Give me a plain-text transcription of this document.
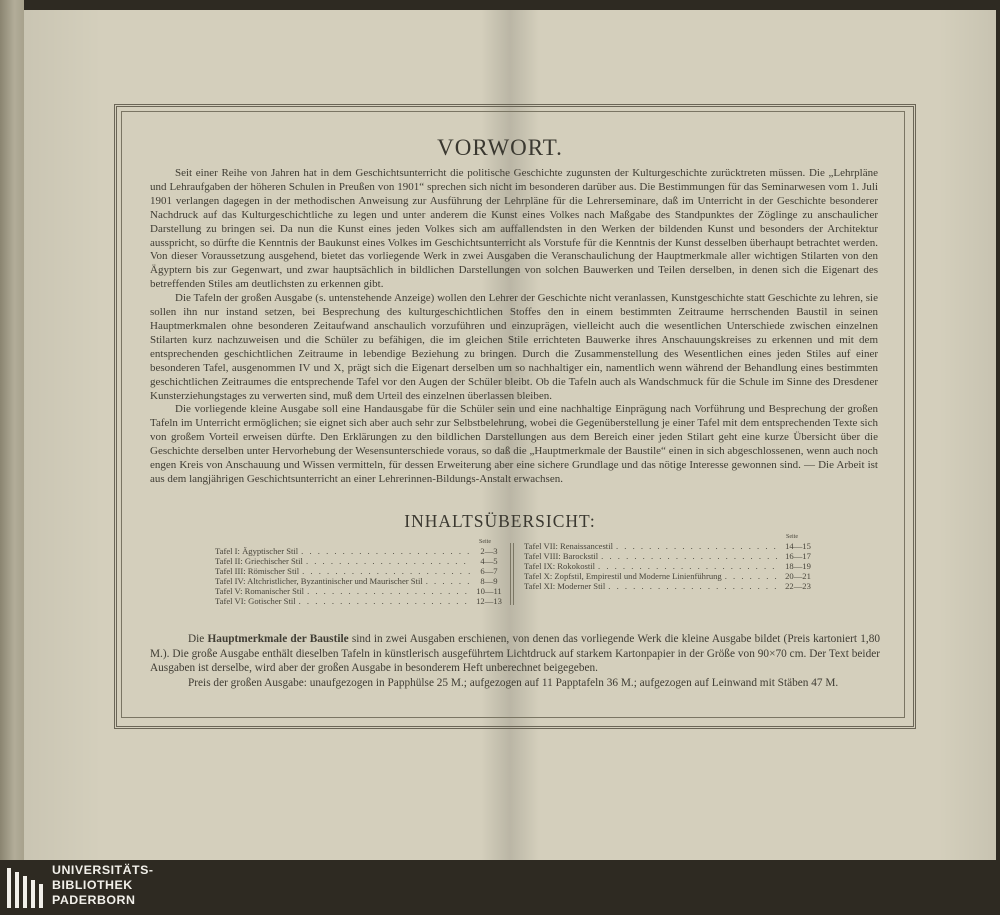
VORWORT.

Seit einer Reihe von Jahren hat in dem Geschichtsunterricht die politische Geschichte zugunsten der Kulturgeschichte zurücktreten müssen. Die „Lehrpläne und Lehraufgaben der höheren Schulen in Preußen von 1901“ sprechen sich nicht im besonderen darüber aus. Die Bestimmungen für das Seminarwesen vom 1. Juli 1901 verlangen dagegen in der methodischen Anweisung zur Ausführung der Lehrpläne für die Lehrerseminare, daß im Unterricht in der Geschichte besonderer Nachdruck auf das Kulturgeschichtliche zu legen und unter anderem die Kunst eines Volkes nach Maßgabe des Standpunktes der Zöglinge zu anschaulicher Darstellung zu bringen sei. Da nun die Kunst eines jeden Volkes sich am auffallendsten in den Werken der bildenden Kunst und besonders der Architektur ausspricht, so dürfte die Kenntnis der Baukunst eines Volkes im Geschichtsunterricht als Vorstufe für die Kenntnis der Kunst desselben überhaupt betrachtet werden. Von dieser Voraussetzung ausgehend, bietet das vorliegende Werk in zwei Ausgaben die Veranschaulichung der Hauptmerkmale aller wichtigen Stilarten von den Ägyptern bis zur Gegenwart, und zwar hauptsächlich in bildlichen Darstellungen von solchen Bauwerken und Teilen derselben, in denen sich die Eigenart des betreffenden Stiles am deutlichsten zu erkennen gibt.

Die Tafeln der großen Ausgabe (s. untenstehende Anzeige) wollen den Lehrer der Geschichte nicht veranlassen, Kunstgeschichte statt Geschichte zu lehren, sie sollen ihn nur instand setzen, bei Besprechung des kulturgeschichtlichen Stoffes den in einem bestimmten Zeitraume herrschenden Baustil in seinen Hauptmerkmalen ohne besonderen Zeitaufwand anschaulich vorzuführen und einzuprägen, vielleicht auch die wesentlichen Unterschiede zwischen einzelnen Stilarten kurz nachzuweisen und die Schüler zu befähigen, die im gleichen Stile errichteten Bauwerke ihres Anschauungskreises zu erkennen und mit dem entsprechenden geschichtlichen Zeitraume in lebendige Beziehung zu bringen. Durch die Zusammenstellung des Wesentlichen eines jeden Stiles auf einer besonderen Tafel, ausgenommen IV und X, prägt sich die Eigenart derselben um so nachhaltiger ein, namentlich wenn während der Behandlung eines bestimmten geschichtlichen Zeitraumes die entsprechende Tafel vor den Augen der Schüler bleibt. Ob die Tafeln auch als Wandschmuck für die Schule im Sinne des Dresdener Kunsterziehungstages zu verwerten sind, muß dem Urteil des einzelnen überlassen bleiben.

Die vorliegende kleine Ausgabe soll eine Handausgabe für die Schüler sein und eine nachhaltige Einprägung nach Vorführung und Besprechung der großen Tafeln im Unterricht ermöglichen; sie eignet sich aber auch sehr zur Selbstbelehrung, wobei die Gegenüberstellung je einer Tafel mit dem entsprechenden Texte sich von großem Vorteil erweisen dürfte. Den Erklärungen zu den bildlichen Darstellungen aus dem Bereich einer jeden Stilart geht eine kurze Übersicht über die Geschichte derselben unter Hervorhebung der Wesensunterschiede voraus, so daß die „Hauptmerkmale der Baustile“ einen in sich abgeschlossenen, wenn auch noch engen Kreis von Anschauung und Wissen vermitteln, für dessen Erweiterung aber eine sichere Grundlage und das nötige Interesse gewonnen sind. — Die Arbeit ist aus dem langjährigen Geschichtsunterricht an einer Lehrerinnen-Bildungs-Anstalt erwachsen.

INHALTSÜBERSICHT:
Seite
Tafel I: Ägyptischer Stil . . .	2—3
Tafel II: Griechischer Stil . . .	4—5
Tafel III: Römischer Stil . . .	6—7
Tafel IV: Altchristlicher, Byzantinischer und Maurischer Stil . . .	8—9
Tafel V: Romanischer Stil . . .	10—11
Tafel VI: Gotischer Stil . . .	12—13
Seite
Tafel VII: Renaissancestil . . .	14—15
Tafel VIII: Barockstil . . .	16—17
Tafel IX: Rokokostil . . .	18—19
Tafel X: Zopfstil, Empirestil und Moderne Linienführung . . .	20—21
Tafel XI: Moderner Stil . . .	22—23

Die Hauptmerkmale der Baustile sind in zwei Ausgaben erschienen, von denen das vorliegende Werk die kleine Ausgabe bildet (Preis kartoniert 1,80 M.). Die große Ausgabe enthält dieselben Tafeln in künstlerisch ausgeführtem Lichtdruck auf starkem Kartonpapier in der Größe von 90×70 cm. Der Text beider Ausgaben ist derselbe, wird aber der großen Ausgabe in besonderem Heft unberechnet beigegeben.

Preis der großen Ausgabe: unaufgezogen in Papphülse 25 M.; aufgezogen auf 11 Papptafeln 36 M.; aufgezogen auf Leinwand mit Stäben 47 M.

UNIVERSITÄTS-
BIBLIOTHEK
PADERBORN
